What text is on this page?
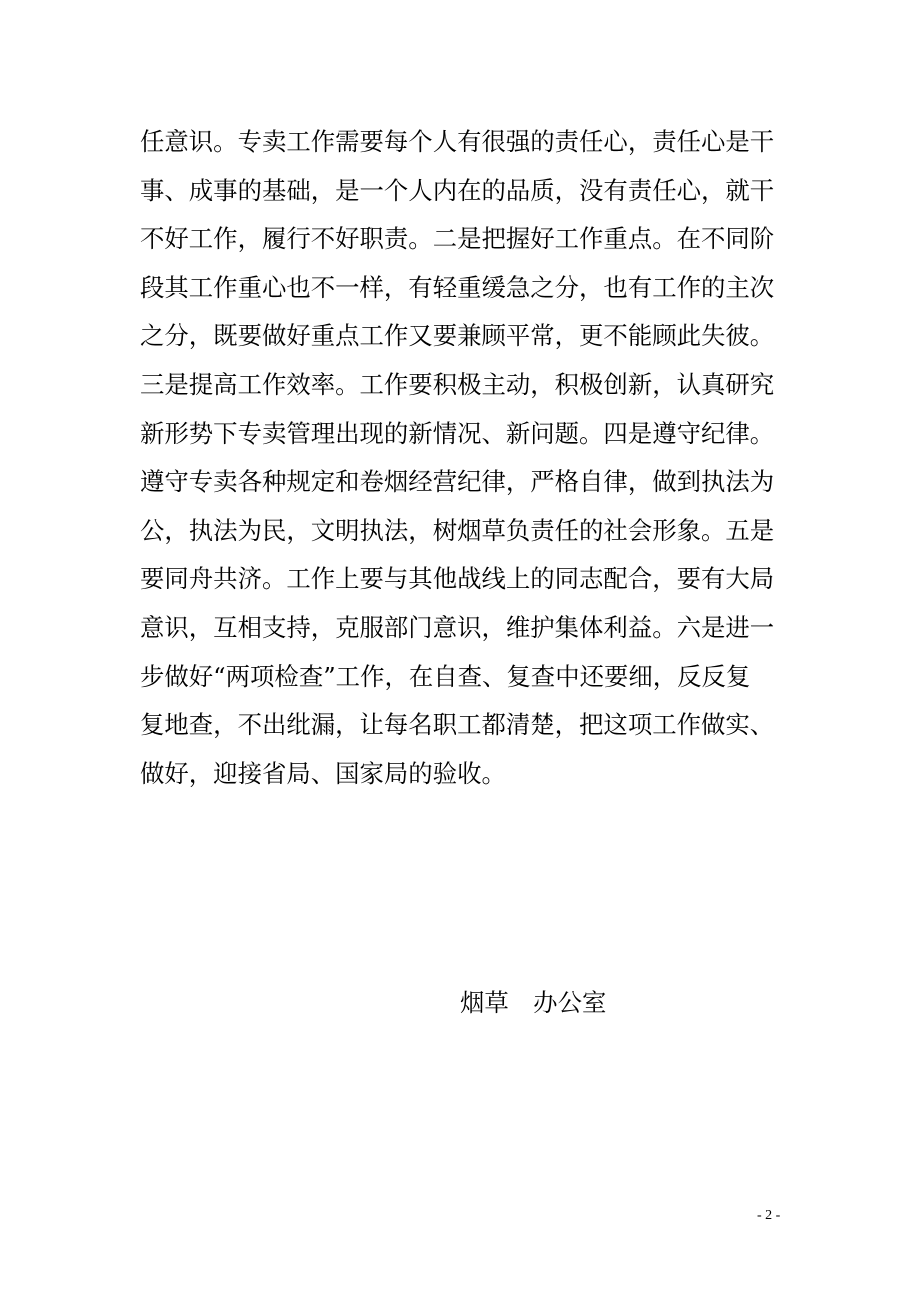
任意识。专卖工作需要每个人有很强的责任心，责任心是干
事、成事的基础，是一个人内在的品质，没有责任心，就干
不好工作，履行不好职责。二是把握好工作重点。在不同阶
段其工作重心也不一样，有轻重缓急之分，也有工作的主次
之分，既要做好重点工作又要兼顾平常，更不能顾此失彼。
三是提高工作效率。工作要积极主动，积极创新，认真研究
新形势下专卖管理出现的新情况、新问题。四是遵守纪律。
遵守专卖各种规定和卷烟经营纪律，严格自律，做到执法为
公，执法为民，文明执法，树烟草负责任的社会形象。五是
要同舟共济。工作上要与其他战线上的同志配合，要有大局
意识，互相支持，克服部门意识，维护集体利益。六是进一
步做好“两项检查”工作，在自查、复查中还要细，反反复
复地查，不出纰漏，让每名职工都清楚，把这项工作做实、
做好，迎接省局、国家局的验收。
烟草　办公室
- 2 -
